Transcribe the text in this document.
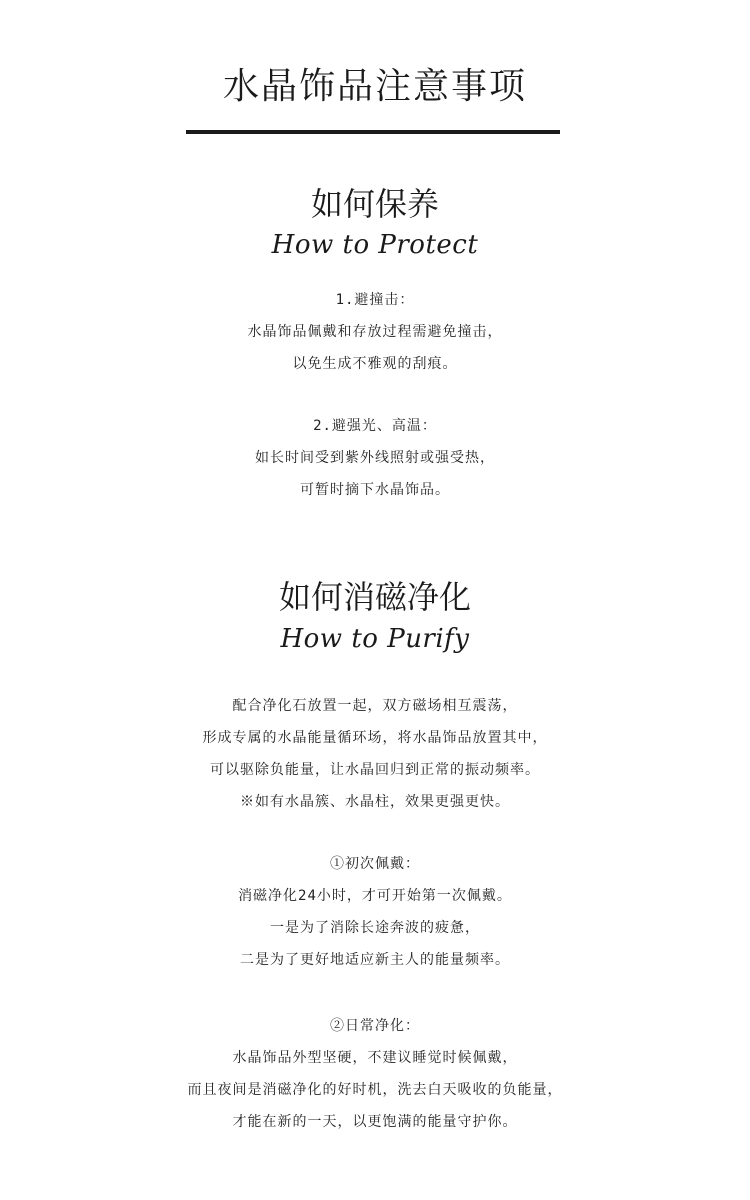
水晶饰品注意事项
如何保养
How to Protect
1.避撞击：
水晶饰品佩戴和存放过程需避免撞击，
以免生成不雅观的刮痕。
2.避强光、高温：
如长时间受到紫外线照射或强受热，
可暂时摘下水晶饰品。
如何消磁净化
How to Purify
配合净化石放置一起，双方磁场相互震荡，
形成专属的水晶能量循环场，将水晶饰品放置其中，
可以驱除负能量，让水晶回归到正常的振动频率。
※如有水晶簇、水晶柱，效果更强更快。
①初次佩戴：
消磁净化24小时，才可开始第一次佩戴。
一是为了消除长途奔波的疲惫，
二是为了更好地适应新主人的能量频率。
②日常净化：
水晶饰品外型坚硬，不建议睡觉时候佩戴，
而且夜间是消磁净化的好时机，洗去白天吸收的负能量，
才能在新的一天，以更饱满的能量守护你。
